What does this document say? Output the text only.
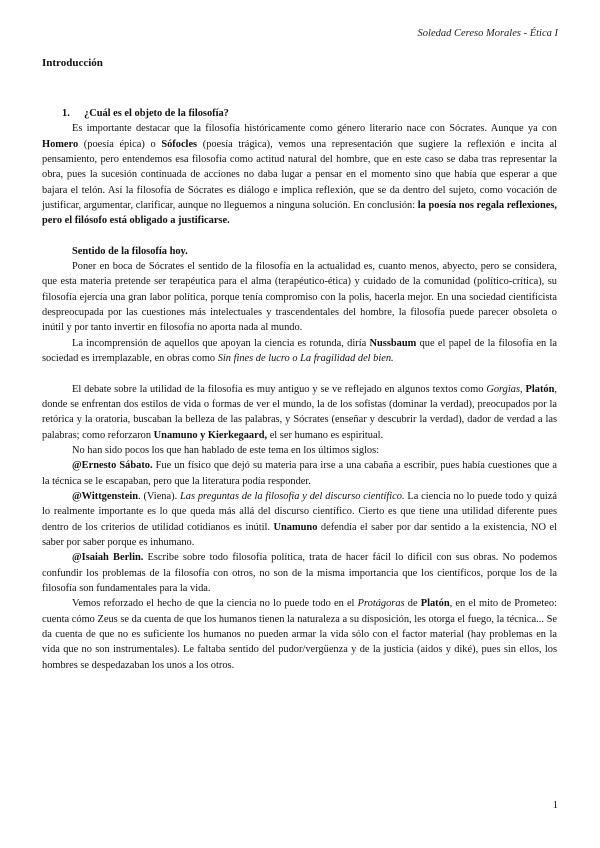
Soledad Cereso Morales - Ética I
Introducción
1. ¿Cuál es el objeto de la filosofía?

Es importante destacar que la filosofía históricamente como género literario nace con Sócrates. Aunque ya con Homero (poesía épica) o Sófocles (poesía trágica), vemos una representación que sugiere la reflexión e incita al pensamiento, pero entendemos esa filosofía como actitud natural del hombre, que en este caso se daba tras representar la obra, pues la sucesión continuada de acciones no daba lugar a pensar en el momento sino que había que esperar a que bajara el telón. Así la filosofía de Sócrates es diálogo e implica reflexión, que se da dentro del sujeto, como vocación de justificar, argumentar, clarificar, aunque no lleguemos a ninguna solución. En conclusión: la poesía nos regala reflexiones, pero el filósofo está obligado a justificarse.

Sentido de la filosofía hoy.

Poner en boca de Sócrates el sentido de la filosofía en la actualidad es, cuanto menos, abyecto, pero se considera, que esta materia pretende ser terapéutica para el alma (terapéutico-ética) y cuidado de la comunidad (político-crítica), su filosofía ejercía una gran labor política, porque tenía compromiso con la polis, hacerla mejor. En una sociedad cientificista despreocupada por las cuestiones más intelectuales y trascendentales del hombre, la filosofía puede parecer obsoleta o inútil y por tanto invertir en filosofía no aporta nada al mundo.

La incomprensión de aquellos que apoyan la ciencia es rotunda, diría Nussbaum que el papel de la filosofía en la sociedad es irremplazable, en obras como Sin fines de lucro o La fragilidad del bien.

El debate sobre la utilidad de la filosofía es muy antiguo y se ve reflejado en algunos textos como Gorgias, Platón, donde se enfrentan dos estilos de vida o formas de ver el mundo, la de los sofistas (dominar la verdad), preocupados por la retórica y la oratoria, buscaban la belleza de las palabras, y Sócrates (enseñar y descubrir la verdad), dador de verdad a las palabras; como reforzaron Unamuno y Kierkegaard, el ser humano es espiritual.

No han sido pocos los que han hablado de este tema en los últimos siglos:

@Ernesto Sábato. Fue un físico que dejó su materia para irse a una cabaña a escribir, pues había cuestiones que a la técnica se le escapaban, pero que la literatura podía responder.

@Wittgenstein. (Viena). Las preguntas de la filosofía y del discurso científico. La ciencia no lo puede todo y quizá lo realmente importante es lo que queda más allá del discurso científico. Cierto es que tiene una utilidad diferente pues dentro de los criterios de utilidad cotidianos es inútil. Unamuno defendía el saber por dar sentido a la existencia, NO el saber por saber porque es inhumano.

@Isaiah Berlin. Escribe sobre todo filosofía política, trata de hacer fácil lo difícil con sus obras. No podemos confundir los problemas de la filosofía con otros, no son de la misma importancia que los científicos, porque los de la filosofía son fundamentales para la vida.

Vemos reforzado el hecho de que la ciencia no lo puede todo en el Protágoras de Platón, en el mito de Prometeo: cuenta cómo Zeus se da cuenta de que los humanos tienen la naturaleza a su disposición, les otorga el fuego, la técnica... Se da cuenta de que no es suficiente los humanos no pueden armar la vida sólo con el factor material (hay problemas en la vida que no son instrumentales). Le faltaba sentido del pudor/vergüenza y de la justicia (aidos y diké), pues sin ellos, los hombres se despedazaban los unos a los otros.

1
